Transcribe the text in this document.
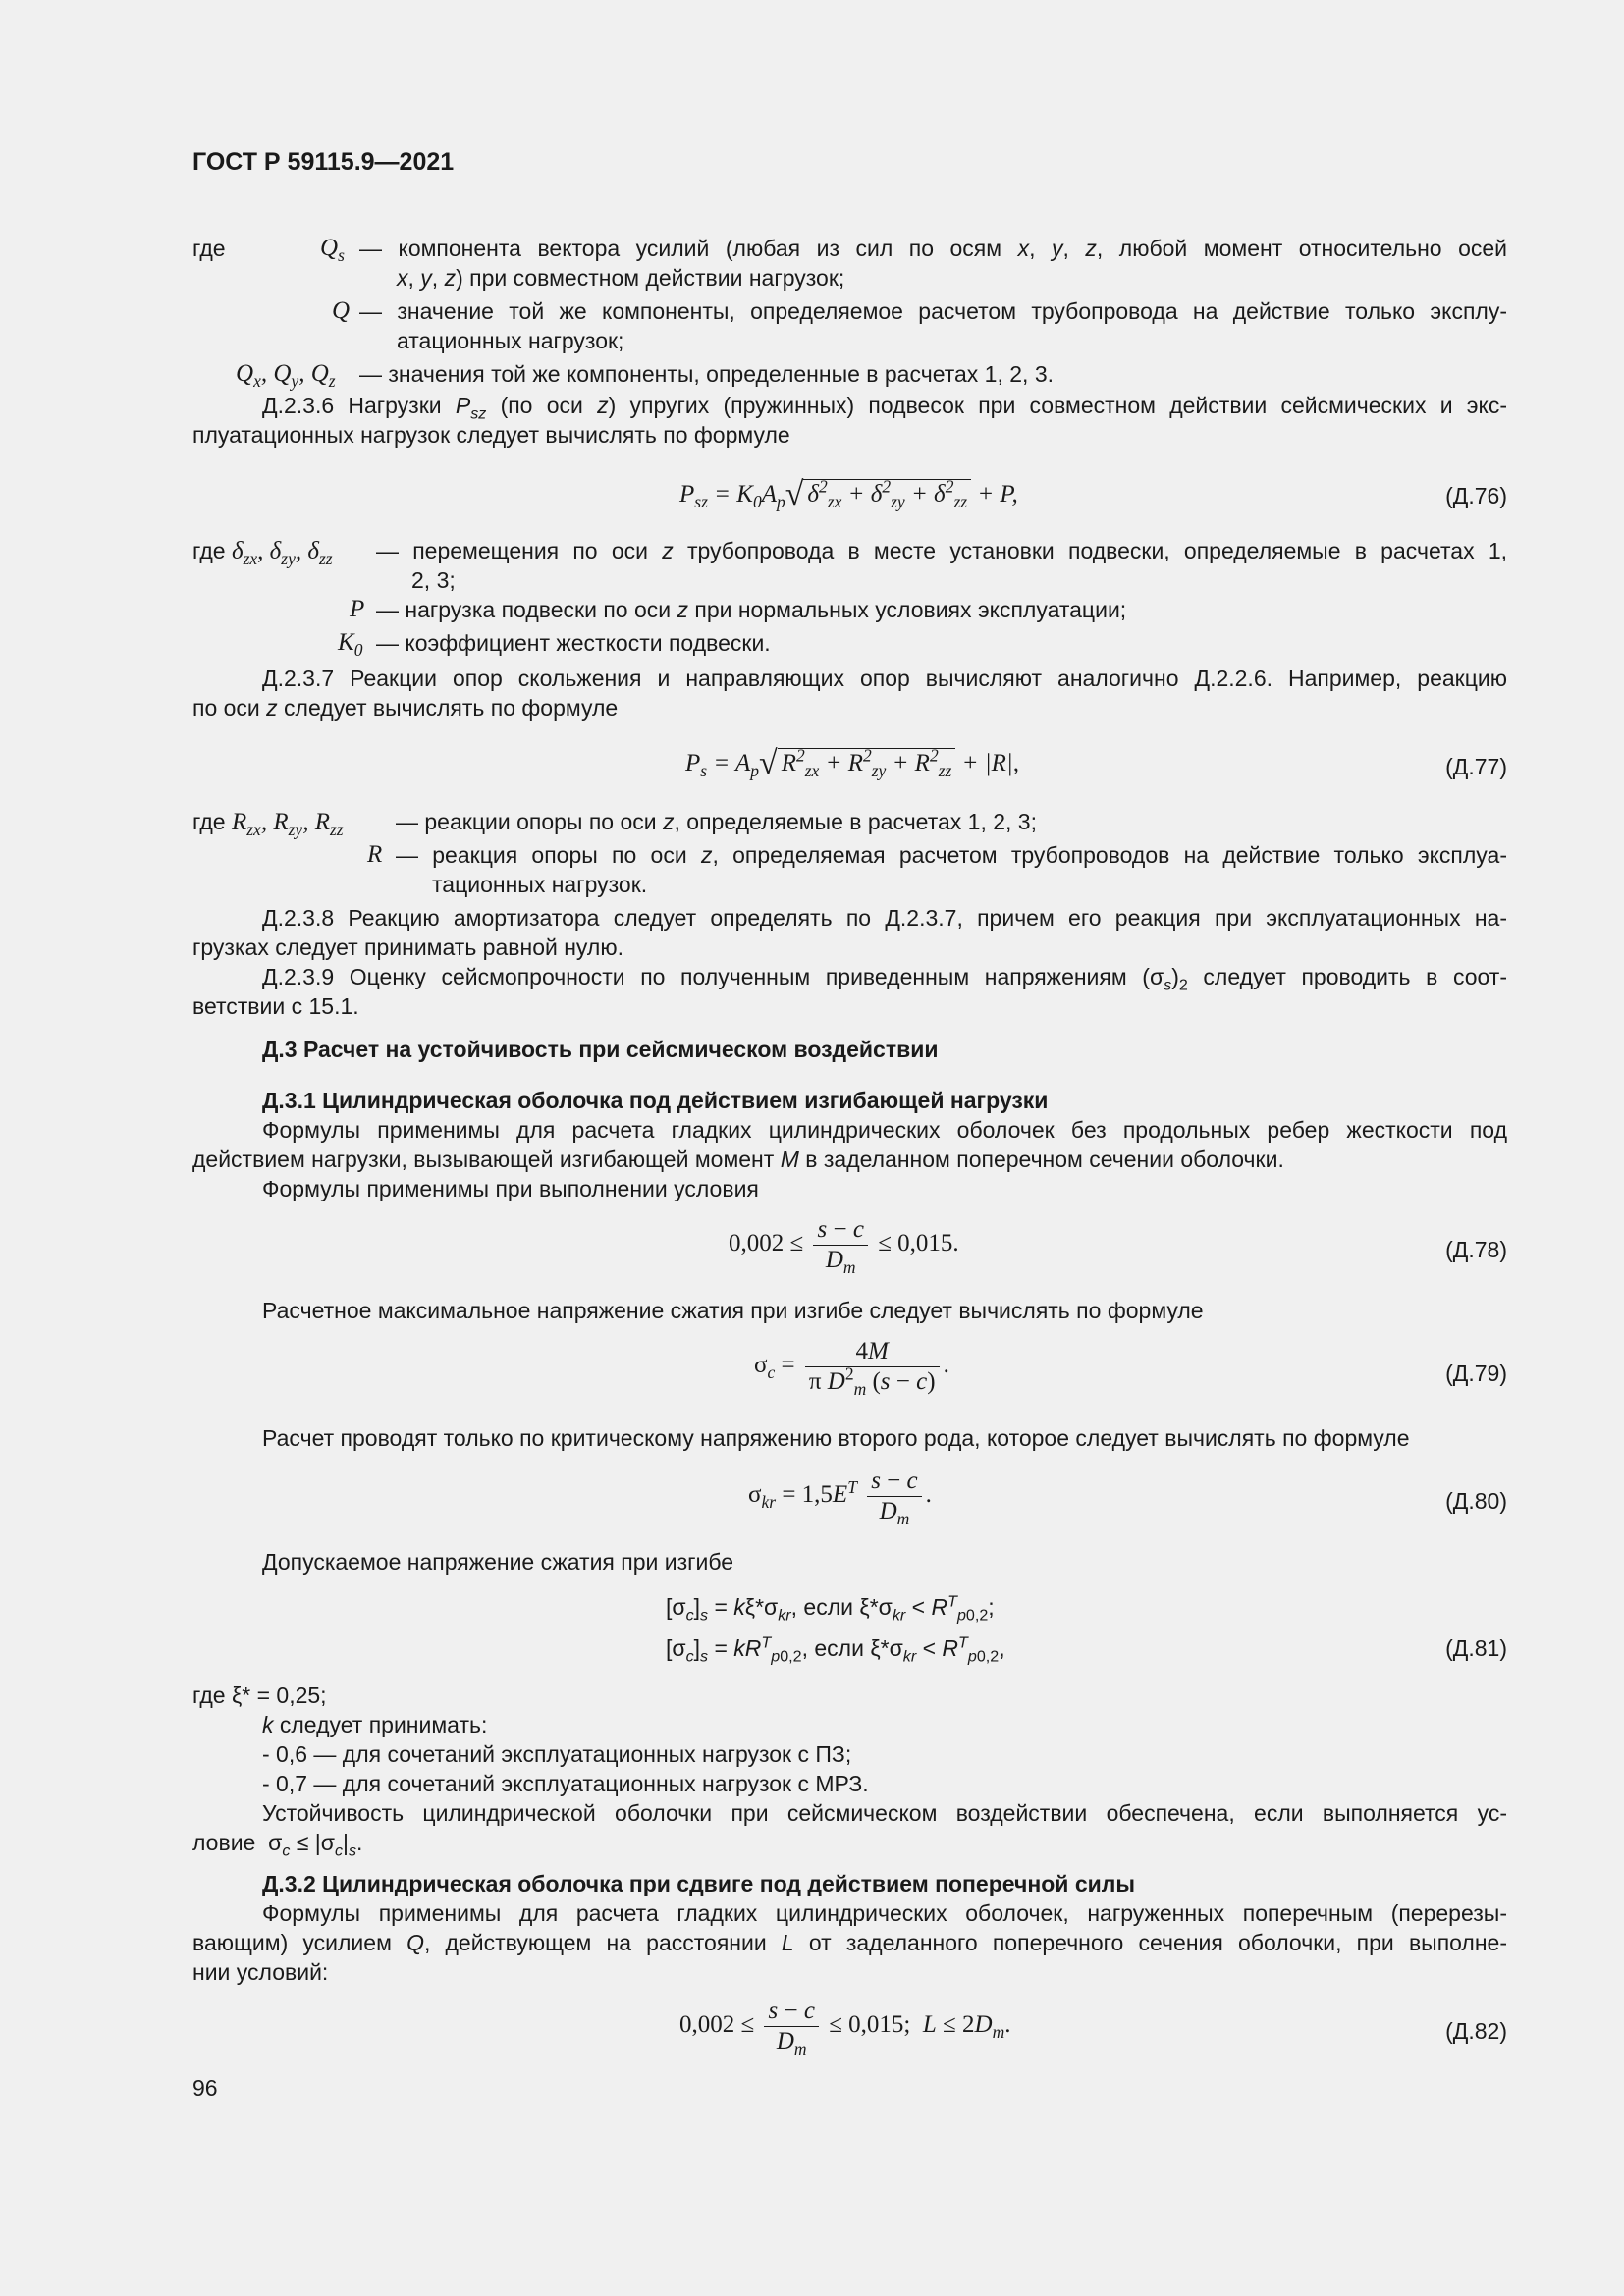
ГОСТ Р 59115.9—2021
где	$Q_s$ — компонента вектора усилий (любая из сил по осям x, y, z, любой момент относительно осей
x, y, z) при совместном действии нагрузок;
Q — значение той же компоненты, определяемое расчетом трубопровода на действие только эксплу-
атационных нагрузок;
$Q_x$, $Q_y$, $Q_z$ — значения той же компоненты, определенные в расчетах 1, 2, 3.
Д.2.3.6 Нагрузки $P_{sz}$ (по оси z) упругих (пружинных) подвесок при совместном действии сейсмических и экс-
плуатационных нагрузок следует вычислять по формуле
$P_{sz} = K_0A_p√$ $\delta^2_{zx} + \delta^2_{zy} + \delta^2_{zz} + P$,	(Д.76)
где $\delta_{zx}$, $\delta_{zy}$, $\delta_{zz}$ — перемещения по оси z трубопровода в месте установки подвески, определяемые в расчетах 1,
2, 3;
P — нагрузка подвески по оси z при нормальных условиях эксплуатации;
$K_0$ — коэффициент жесткости подвески.
Д.2.3.7 Реакции опор скольжения и направляющих опор вычисляют аналогично Д.2.2.6. Например, реакцию
по оси z следует вычислять по формуле
$P_s = A_p√$ $R^2_{zx} + R^2_{zy} + R^2_{zz} + |R|$,	(Д.77)
где $R_{zx}$, $R_{zy}$, $R_{zz}$ — реакции опоры по оси z, определяемые в расчетах 1, 2, 3;
R — реакция опоры по оси z, определяемая расчетом трубопроводов на действие только эксплуа-
тационных нагрузок.
Д.2.3.8 Реакцию амортизатора следует определять по Д.2.3.7, причем его реакция при эксплуатационных на-
грузках следует принимать равной нулю.
Д.2.3.9 Оценку сейсмопрочности по полученным приведенным напряжениям $(\sigma_s)_2$ следует проводить в соот-
ветствии с 15.1.
Д.3 Расчет на устойчивость при сейсмическом воздействии
Д.3.1 Цилиндрическая оболочка под действием изгибающей нагрузки
Формулы применимы для расчета гладких цилиндрических оболочек без продольных ребер жесткости под
действием нагрузки, вызывающей изгибающей момент M в заделанном поперечном сечении оболочки.
Формулы применимы при выполнении условия
$0,002 \le \frac{s - c}{D_m} \le 0,015$.	(Д.78)
Расчетное максимальное напряжение сжатия при изгибе следует вычислять по формуле
$\sigma_c = \frac{4M}{\pi D^2_m (s - c)}$ .	(Д.79)
Расчет проводят только по критическому напряжению второго рода, которое следует вычислять по формуле
$\sigma_{kr} = 1,5E^T \frac{s - c}{D_m}$ .	(Д.80)
Допускаемое напряжение сжатия при изгибе
$[\sigma_c]_s = k\xi*\sigma_{kr}$, если $\xi*\sigma_{kr} < R^T_{p0,2}$;
$[\sigma_c]_s = kR^T_{p0,2}$, если $\xi*\sigma_{kr} < R^T_{p0,2}$,	(Д.81)
где ξ* = 0,25;
k следует принимать:
- 0,6 — для сочетаний эксплуатационных нагрузок с ПЗ;
- 0,7 — для сочетаний эксплуатационных нагрузок с МРЗ.
Устойчивость цилиндрической оболочки при сейсмическом воздействии обеспечена, если выполняется ус-
ловие  $\sigma_c \le |\sigma_c|_s$.
Д.3.2 Цилиндрическая оболочка при сдвиге под действием поперечной силы
Формулы применимы для расчета гладких цилиндрических оболочек, нагруженных поперечным (перерезы-
вающим) усилием Q, действующем на расстоянии L от заделанного поперечного сечения оболочки, при выполне-
нии условий:
$0,002 \le \frac{s - c}{D_m} \le 0,015$;  $L \le 2D_m$.	(Д.82)
96
